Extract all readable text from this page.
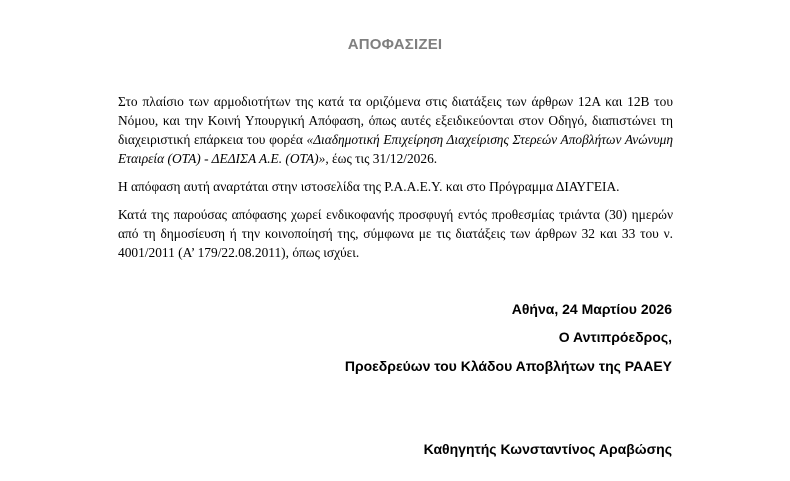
ΑΠΟΦΑΣΙΖΕΙ

Στο πλαίσιο των αρμοδιοτήτων της κατά τα οριζόμενα στις διατάξεις των άρθρων 12Α και 12Β του Νόμου, και την Κοινή Υπουργική Απόφαση, όπως αυτές εξειδικεύονται στον Οδηγό, διαπιστώνει τη διαχειριστική επάρκεια του φορέα «Διαδημοτική Επιχείρηση Διαχείρισης Στερεών Αποβλήτων Ανώνυμη Εταιρεία (ΟΤΑ) - ΔΕΔΙΣΑ Α.Ε. (ΟΤΑ)», έως τις 31/12/2026.

Η απόφαση αυτή αναρτάται στην ιστοσελίδα της Ρ.Α.Α.Ε.Υ. και στο Πρόγραμμα ΔΙΑΥΓΕΙΑ.

Κατά της παρούσας απόφασης χωρεί ενδικοφανής προσφυγή εντός προθεσμίας τριάντα (30) ημερών από τη δημοσίευση ή την κοινοποίησή της, σύμφωνα με τις διατάξεις των άρθρων 32 και 33 του ν. 4001/2011 (Α’ 179/22.08.2011), όπως ισχύει.

Αθήνα, 24 Μαρτίου 2026
Ο Αντιπρόεδρος,
Προεδρεύων του Κλάδου Αποβλήτων της ΡΑΑΕΥ
Καθηγητής Κωνσταντίνος Αραβώσης
